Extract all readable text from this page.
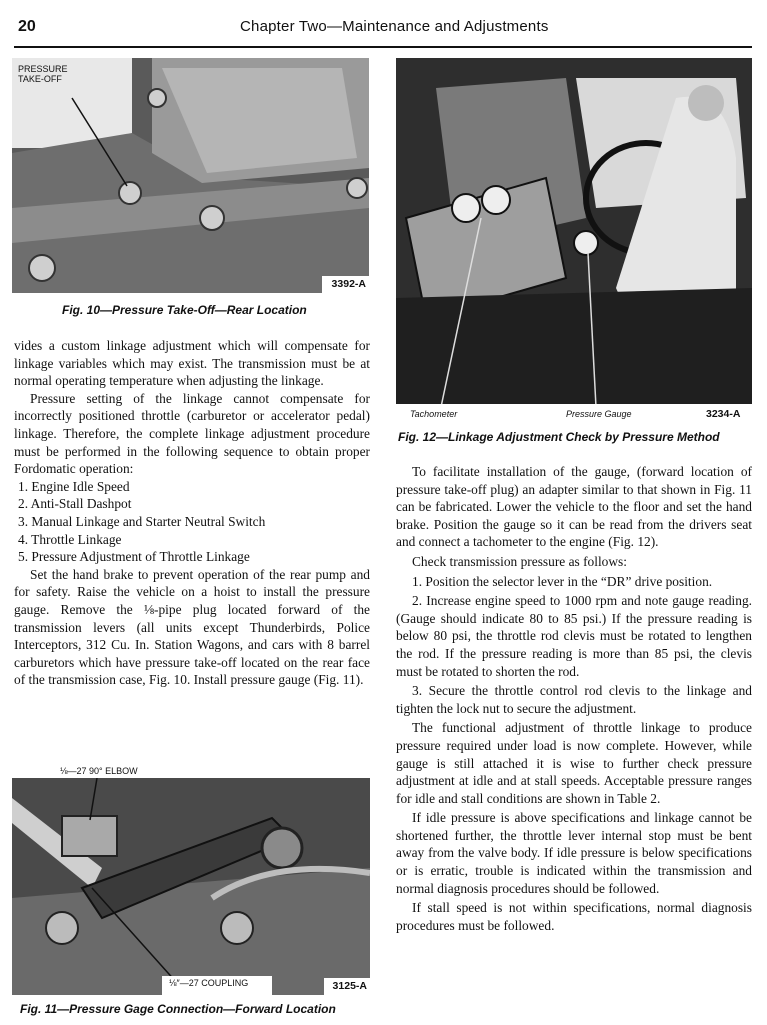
20	Chapter Two—Maintenance and Adjustments
PRESSURE
TAKE-OFF
3392-A
Fig. 10—Pressure Take-Off—Rear Location

vides a custom linkage adjustment which will compensate for linkage variables which may exist. The transmission must be at normal operating temperature when adjusting the linkage.

Pressure setting of the linkage cannot compensate for incorrectly positioned throttle (carburetor or accelerator pedal) linkage. Therefore, the complete linkage adjustment procedure must be performed in the following sequence to obtain proper Fordomatic operation:

1. Engine Idle Speed

2. Anti-Stall Dashpot

3. Manual Linkage and Starter Neutral Switch

4. Throttle Linkage

5. Pressure Adjustment of Throttle Linkage

Set the hand brake to prevent operation of the rear pump and for safety. Raise the vehicle on a hoist to install the pressure gauge. Remove the ⅛-pipe plug located forward of the transmission levers (all units except Thunderbirds, Police Interceptors, 312 Cu. In. Station Wagons, and cars with 8 barrel carburetors which have pressure take-off located on the rear face of the transmission case, Fig. 10. Install pressure gauge (Fig. 11).

⅛—27 90° ELBOW
⅛″—27 COUPLING	3125-A
Fig. 11—Pressure Gage Connection—Forward Location
Tachometer	Pressure Gauge	3234-A
Fig. 12—Linkage Adjustment Check by Pressure Method

To facilitate installation of the gauge, (forward location of pressure take-off plug) an adapter similar to that shown in Fig. 11 can be fabricated. Lower the vehicle to the floor and set the hand brake. Position the gauge so it can be read from the drivers seat and connect a tachometer to the engine (Fig. 12).

Check transmission pressure as follows:

1. Position the selector lever in the “DR” drive position.

2. Increase engine speed to 1000 rpm and note gauge reading. (Gauge should indicate 80 to 85 psi.) If the pressure reading is below 80 psi, the throttle rod clevis must be rotated to lengthen the rod. If the pressure reading is more than 85 psi, the clevis must be rotated to shorten the rod.

3. Secure the throttle control rod clevis to the linkage and tighten the lock nut to secure the adjustment.

The functional adjustment of throttle linkage to produce pressure required under load is now complete. However, while gauge is still attached it is wise to further check pressure adjustment at idle and at stall speeds. Acceptable pressure ranges for idle and stall conditions are shown in Table 2.

If idle pressure is above specifications and linkage cannot be shortened further, the throttle lever internal stop must be bent away from the valve body. If idle pressure is below specifications or is erratic, trouble is indicated within the transmission and normal diagnosis procedures should be followed.

If stall speed is not within specifications, normal diagnosis procedures must be followed.
